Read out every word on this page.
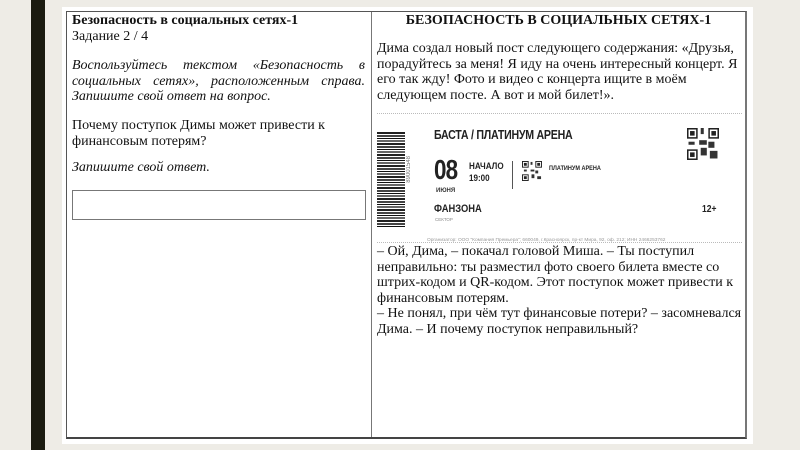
Безопасность в социальных сетях-1
Задание 2 / 4
Воспользуйтесь текстом «Безопасность в социальных сетях», расположенным справа. Запишите свой ответ на вопрос.
Почему поступок Димы может привести к финансовым потерям?
Запишите свой ответ.
БЕЗОПАСНОСТЬ В СОЦИАЛЬНЫХ СЕТЯХ-1
Дима создал новый пост следующего содержания: «Друзья, порадуйтесь за меня! Я иду на очень интересный концерт. Я его так жду! Фото и видео с концерта ищите в моём следующем посте. А вот и мой билет!».
89001548
БАСТА / ПЛАТИНУМ АРЕНА
08
ИЮНЯ
НАЧАЛО
19:00
ПЛАТИНУМ АРЕНА
ФАНЗОНА
СЕКТОР
12+
Организатор: ООО "Компания Премьера"; 660049, г.Красноярск, пр-кт Мира, 92, оф. 212; ИНН 2466253762

– Ой, Дима, – покачал головой Миша. – Ты поступил неправильно: ты разместил фото своего билета вместе со штрих-кодом и QR-кодом. Этот поступок может привести к финансовым потерям.

– Не понял, при чём тут финансовые потери? – засомневался Дима. – И почему поступок неправильный?
